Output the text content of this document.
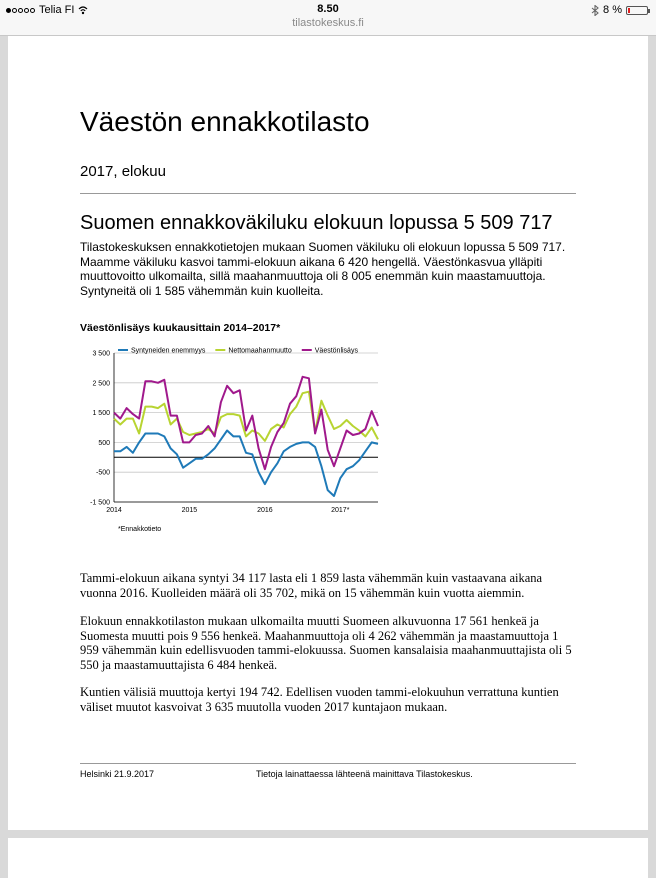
Telia FI	8.50
tilastokeskus.fi
8 %
Väestön ennakkotilasto
2017, elokuu
Suomen ennakkoväkiluku elokuun lopussa 5 509 717
Tilastokeskuksen ennakkotietojen mukaan Suomen väkiluku oli elokuun lopussa 5 509 717. Maamme väkiluku kasvoi tammi-elokuun aikana 6 420 hengellä. Väestönkasvua ylläpiti muuttovoitto ulkomailta, sillä maahanmuuttoja oli 8 005 enemmän kuin maastamuuttoja. Syntyneitä oli 1 585 vähemmän kuin kuolleita.
Väestönlisäys kuukausittain 2014–2017*
3 500
2 500
1 500
500
-500
-1 500
2014	2015	2016	2017*
Syntyneiden enemmyys	Nettomaahanmuutto	Väestönlisäys
*Ennakkotieto
Tammi-elokuun aikana syntyi 34 117 lasta eli 1 859 lasta vähemmän kuin vastaavana aikana vuonna 2016. Kuolleiden määrä oli 35 702, mikä on 15 vähemmän kuin vuotta aiemmin.
Elokuun ennakkotilaston mukaan ulkomailta muutti Suomeen alkuvuonna 17 561 henkeä ja Suomesta muutti pois 9 556 henkeä. Maahanmuuttoja oli 4 262 vähemmän ja maastamuuttoja 1 959 vähemmän kuin edellisvuoden tammi-elokuussa. Suomen kansalaisia maahanmuuttajista oli 5 550 ja maastamuuttajista 6 484 henkeä.
Kuntien välisiä muuttoja kertyi 194 742. Edellisen vuoden tammi-elokuuhun verrattuna kuntien väliset muutot kasvoivat 3 635 muutolla vuoden 2017 kuntajaon mukaan.
Helsinki 21.9.2017	Tietoja lainattaessa lähteenä mainittava Tilastokeskus.
